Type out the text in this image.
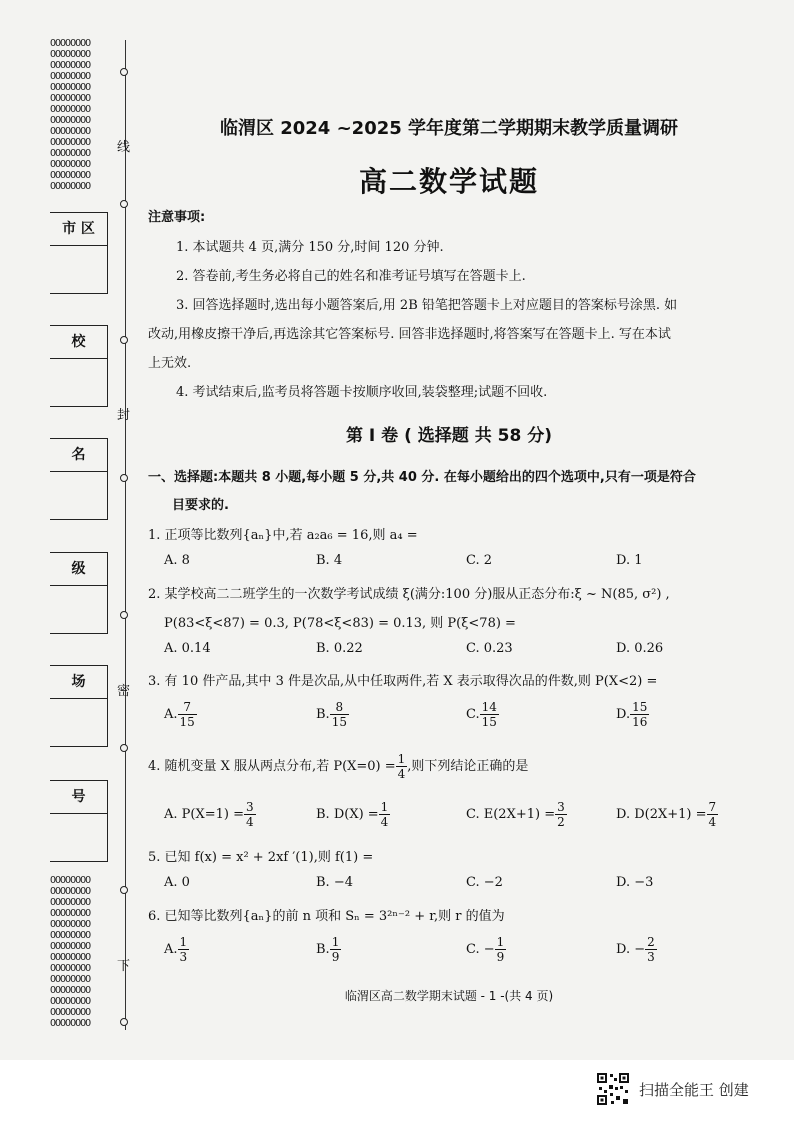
OOOOOOOO
OOOOOOOO
OOOOOOOO
OOOOOOOO
OOOOOOOO
OOOOOOOO
OOOOOOOO
OOOOOOOO
OOOOOOOO
OOOOOOOO
OOOOOOOO
OOOOOOOO
OOOOOOOO
OOOOOOOO
OOOOOOOO
OOOOOOOO
OOOOOOOO
OOOOOOOO
OOOOOOOO
OOOOOOOO
OOOOOOOO
OOOOOOOO
OOOOOOOO
OOOOOOOO
OOOOOOOO
OOOOOOOO
OOOOOOOO
OOOOOOOO
线
封
密
下
市 区
校
名
级
场
号
临渭区 2024 ~2025 学年度第二学期期末教学质量调研
高二数学试题
注意事项:
1. 本试题共 4 页,满分 150 分,时间 120 分钟.
2. 答卷前,考生务必将自己的姓名和准考证号填写在答题卡上.
3. 回答选择题时,选出每小题答案后,用 2B 铅笔把答题卡上对应题目的答案标号涂黑. 如
改动,用橡皮擦干净后,再选涂其它答案标号. 回答非选择题时,将答案写在答题卡上. 写在本试
上无效.
4. 考试结束后,监考员将答题卡按顺序收回,装袋整理;试题不回收.
第 Ⅰ 卷 ( 选择题 共 58 分)
一、选择题:本题共 8 小题,每小题 5 分,共 40 分. 在每小题给出的四个选项中,只有一项是符合
目要求的.
1. 正项等比数列{aₙ}中,若 a₂a₆ = 16,则 a₄ =
A. 8	B. 4	C. 2	D. 1
2. 某学校高二二班学生的一次数学考试成绩 ξ(满分:100 分)服从正态分布:ξ ~ N(85, σ²) ,
P(83<ξ<87) = 0.3, P(78<ξ<83) = 0.13, 则 P(ξ<78) =
A. 0.14	B. 0.22	C. 0.23	D. 0.26
3. 有 10 件产品,其中 3 件是次品,从中任取两件,若 X 表示取得次品的件数,则 P(X<2) =
A. $\frac{7}{15}$	B. $\frac{8}{15}$	C. $\frac{14}{15}$	D. $\frac{15}{16}$
4. 随机变量 X 服从两点分布,若 $P(X=0) = \frac{1}{4}$ ,则下列结论正确的是
A. $P(X=1) = \frac{3}{4}$	B. $D(X) = \frac{1}{4}$	C. $E(2X+1) = \frac{3}{2}$	D. $D(2X+1) = \frac{7}{4}$
5. 已知 f(x) = x² + 2xf ′(1),则 f(1) =
A. 0	B. −4	C. −2	D. −3
6. 已知等比数列{aₙ}的前 n 项和 Sₙ = 3²ⁿ⁻² + r,则 r 的值为
A. $\frac{1}{3}$	B. $\frac{1}{9}$	C. − $\frac{1}{9}$	D. − $\frac{2}{3}$
临渭区高二数学期末试题 - 1 -(共 4 页)
扫描全能王 创建
